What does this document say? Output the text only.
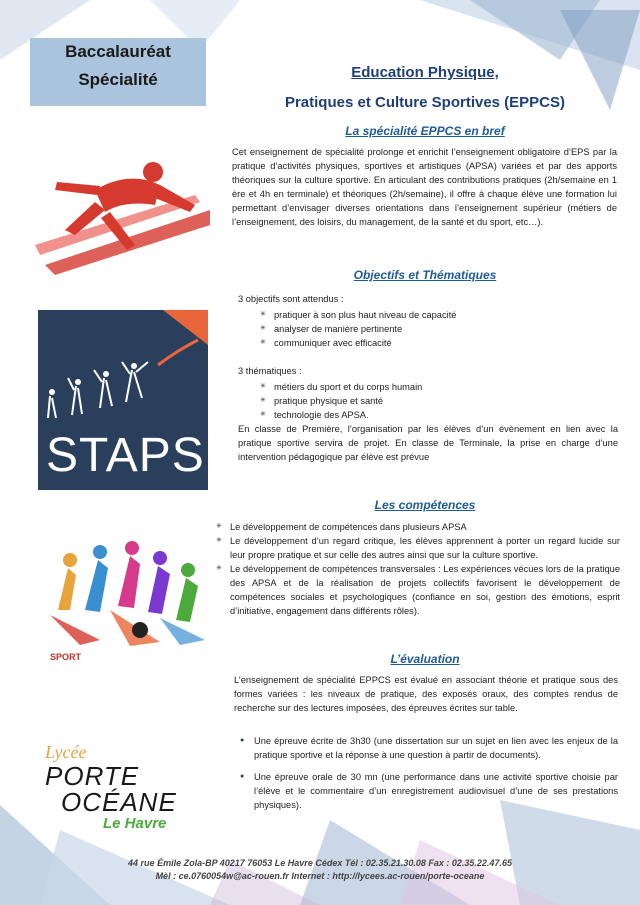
Baccalauréat
Spécialité	Education Physique,
Pratiques et Culture Sportives (EPPCS)
La spécialité EPPCS en bref
Cet enseignement de spécialité prolonge et enrichit l’enseignement obligatoire d’EPS par la pratique d’activités physiques, sportives et artistiques (APSA) variées et par des apports théoriques sur la culture sportive. En articulant des contributions pratiques (2h/semaine en 1 ère et 4h en terminale) et théoriques (2h/semaine), il offre à chaque élève une formation lui permettant d’envisager diverses orientations dans l’enseignement supérieur (métiers de l’enseignement, des loisirs, du management, de la santé et du sport, etc…).
Objectifs et Thématiques
3 objectifs sont attendus :
✳ pratiquer à son plus haut niveau de capacité
✳ analyser de manière pertinente
✳ communiquer avec efficacité
3 thématiques :
✳ métiers du sport et du corps humain
✳ pratique physique et santé
✳ technologie des APSA.
En classe de Première, l’organisation par les élèves d’un évènement en lien avec la pratique sportive servira de projet. En classe de Terminale, la prise en charge d’une intervention pédagogique par élève est prévue
STAPS
Les compétences
✳ Le développement de compétences dans plusieurs APSA
✳ Le développement d’un regard critique, les élèves apprennent à porter un regard lucide sur leur propre pratique et sur celle des autres ainsi que sur la culture sportive.
✳ Le développement de compétences transversales : Les expériences vécues lors de la pratique des APSA et de la réalisation de projets collectifs favorisent le développement de compétences sociales et psychologiques (confiance en soi, gestion des émotions, esprit d’initiative, engagement dans différents rôles).
SPORT	L’évaluation
L’enseignement de spécialité EPPCS est évalué en associant théorie et pratique sous des formes variées : les niveaux de pratique, des exposés oraux, des comptes rendus de recherche sur des lectures imposées, des épreuves écrites sur table.
● Une épreuve écrite de 3h30 (une dissertation sur un sujet en lien avec les enjeux de la pratique sportive et la réponse à une question à partir de documents).
● Une épreuve orale de 30 mn (une performance dans une activité sportive choisie par l’élève et le commentaire d’un enregistrement audiovisuel d’une de ses prestations physiques).
Lycée
PORTE
OCÉANE
Le Havre
44 rue Émile Zola-BP 40217 76053 Le Havre Cédex Tél : 02.35.21.30.08 Fax : 02.35.22.47.65
Mèl : ce.0760054w@ac-rouen.fr Internet : http://lycees.ac-rouen/porte-oceane
